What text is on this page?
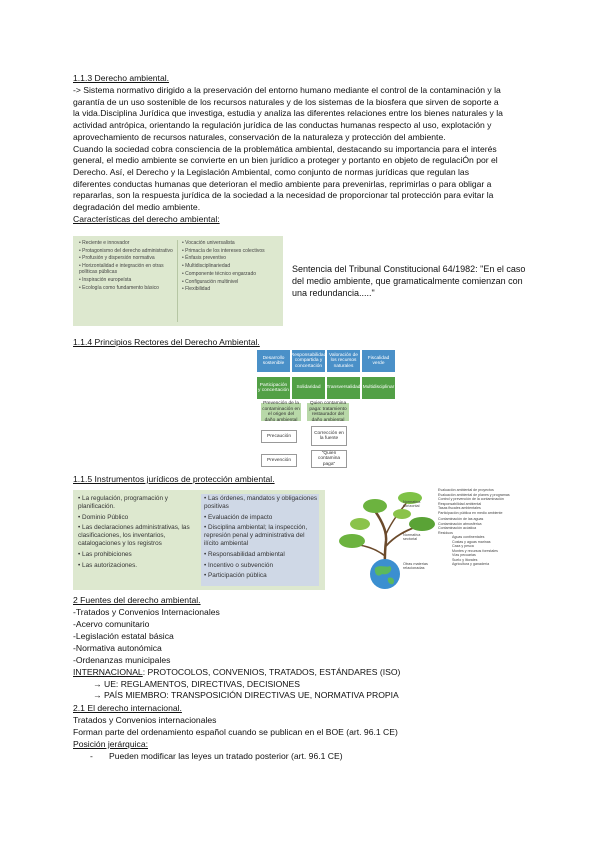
1.1.3 Derecho ambiental.
-> Sistema normativo dirigido a la preservación del entorno humano mediante el control de la contaminación y la
garantía de un uso sostenible de los recursos naturales y de los sistemas de la biosfera que sirven de soporte a
la vida.Disciplina Jurídica que investiga, estudia y analiza las diferentes relaciones entre los bienes naturales y la
actividad antrópica, orientando la regulación jurídica de las conductas humanas respecto al uso, explotación y
aprovechamiento de recursos naturales, conservación de la naturaleza y protección del ambiente.
Cuando la sociedad cobra consciencia de la problemática ambiental, destacando su importancia para el interés
general, el medio ambiente se convierte en un bien jurídico a proteger y portanto en objeto de regulaciÓn por el
Derecho. Así, el Derecho y la Legislación Ambiental, como conjunto de normas jurídicas que regulan las
diferentes conductas humanas que deterioran el medio ambiente para prevenirlas, reprimirlas o para obligar a
repararlas, son la respuesta jurídica de la sociedad a la necesidad de proporcionar tal protección para evitar la
degradación del medio ambiente.
Características del derecho ambiental:
• Reciente e innovador
• Protagonismo del derecho administrativo
• Profusión y dispersión normativa
• Horizontalidad e integración en otras políticas públicas
• Inspiración europeísta
• Ecología como fundamento básico
• Vocación universalista
• Primacía de los intereses colectivos
• Énfasis preventivo
• Multidisciplinariedad
• Componente técnico engarzado
• Configuración multinivel
• Flexibilidad
Sentencia del Tribunal Constitucional 64/1982: "En el caso del medio ambiente, que gramaticalmente comienzan con una redundancia....."
1.1.4 Principios Rectores del Derecho Ambiental.
Desarrollo sostenible
Responsabilidad compartida y concertación
Valoración de los recursos naturales
Fiscalidad verde
Participación y concertación
Solidaridad	Transversalidad Multidisciplinar
Prevención de la contaminación en el origen del daño ambiental
Quien contamina paga: tratamiento restaurador del daño ambiental
Precaución
Prevención
Corrección en la fuente
"Quien contamina paga"
1.1.5 Instrumentos jurídicos de protección ambiental.
• La regulación, programación y planificación.
• Dominio Público
• Las declaraciones administrativas, las clasificaciones, los inventarios, catalogaciones y los registros
• Las prohibiciones
• Las autorizaciones.
• Las órdenes, mandatos y obligaciones positivas
• Evaluación de impacto
• Disciplina ambiental; la inspección, represión penal y administrativa del ilícito ambiental
• Responsabilidad ambiental
• Incentivo o subvención
• Participación pública
Normativa horizontal
Normativa sectorial
Otras materias relacionadas
Evaluación ambiental de proyectos
Evaluación ambiental de planes y programas
Control y prevención de la contaminación
Responsabilidad ambiental
Tasas fiscales ambientales
Participación pública en medio ambiente
Contaminación de las aguas
Contaminación atmosférica
Contaminación acústica
Residuos
Aguas continentales
Costas y aguas marinas
Caza y pesca
Montes y recursos forestales
Vías pecuarias
Suelo y litorales
Agricultura y ganadería
2 Fuentes del derecho ambiental.
-Tratados y Convenios Internacionales
-Acervo comunitario
-Legislación estatal básica
-Normativa autonómica
-Ordenanzas municipales
INTERNACIONAL: PROTOCOLOS, CONVENIOS, TRATADOS, ESTÁNDARES (ISO)
→ UE: REGLAMENTOS, DIRECTIVAS, DECISIONES
→ PAÍS MIEMBRO: TRANSPOSICIÓN DIRECTIVAS UE, NORMATIVA PROPIA
2.1 El derecho internacional.
Tratados y Convenios internacionales
Forman parte del ordenamiento español cuando se publican en el BOE (art. 96.1 CE)
Posición jerárquica:
- Pueden modificar las leyes un tratado posterior (art. 96.1 CE)
